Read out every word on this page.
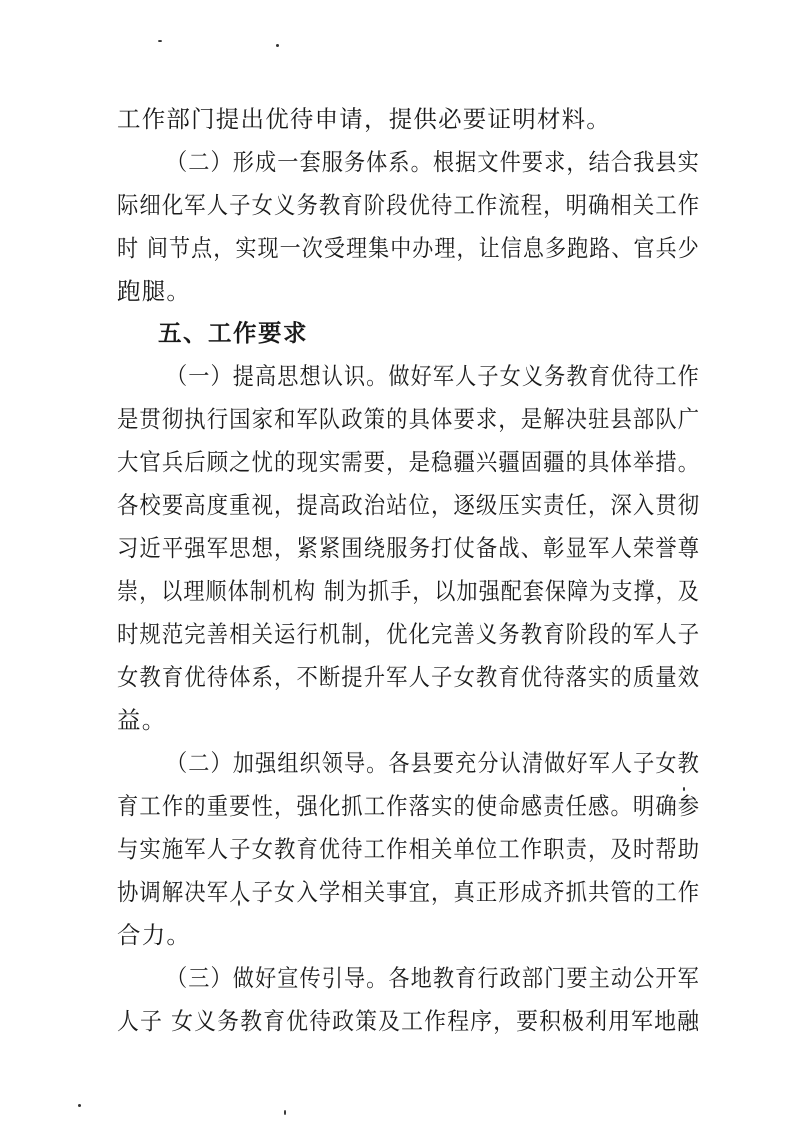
工作部门提出优待申请，提供必要证明材料。
（二）形成一套服务体系。根据文件要求，结合我县实
际细化军人子女义务教育阶段优待工作流程，明确相关工作
时 间节点，实现一次受理集中办理，让信息多跑路、官兵少
跑腿。
五、工作要求
（一）提高思想认识。做好军人子女义务教育优待工作
是贯彻执行国家和军队政策的具体要求，是解决驻县部队广
大官兵后顾之忧的现实需要，是稳疆兴疆固疆的具体举措。
各校要高度重视，提高政治站位，逐级压实责任，深入贯彻
习近平强军思想，紧紧围绕服务打仗备战、彰显军人荣誉尊
崇，以理顺体制机构 制为抓手，以加强配套保障为支撑，及
时规范完善相关运行机制，优化完善义务教育阶段的军人子
女教育优待体系，不断提升军人子女教育优待落实的质量效
益。
（二）加强组织领导。各县要充分认清做好军人子女教
育工作的重要性，强化抓工作落实的使命感责任感。明确参
与实施军人子女教育优待工作相关单位工作职责，及时帮助
协调解决军人子女入学相关事宜，真正形成齐抓共管的工作
合力。
（三）做好宣传引导。各地教育行政部门要主动公开军
人子 女义务教育优待政策及工作程序，要积极利用军地融
